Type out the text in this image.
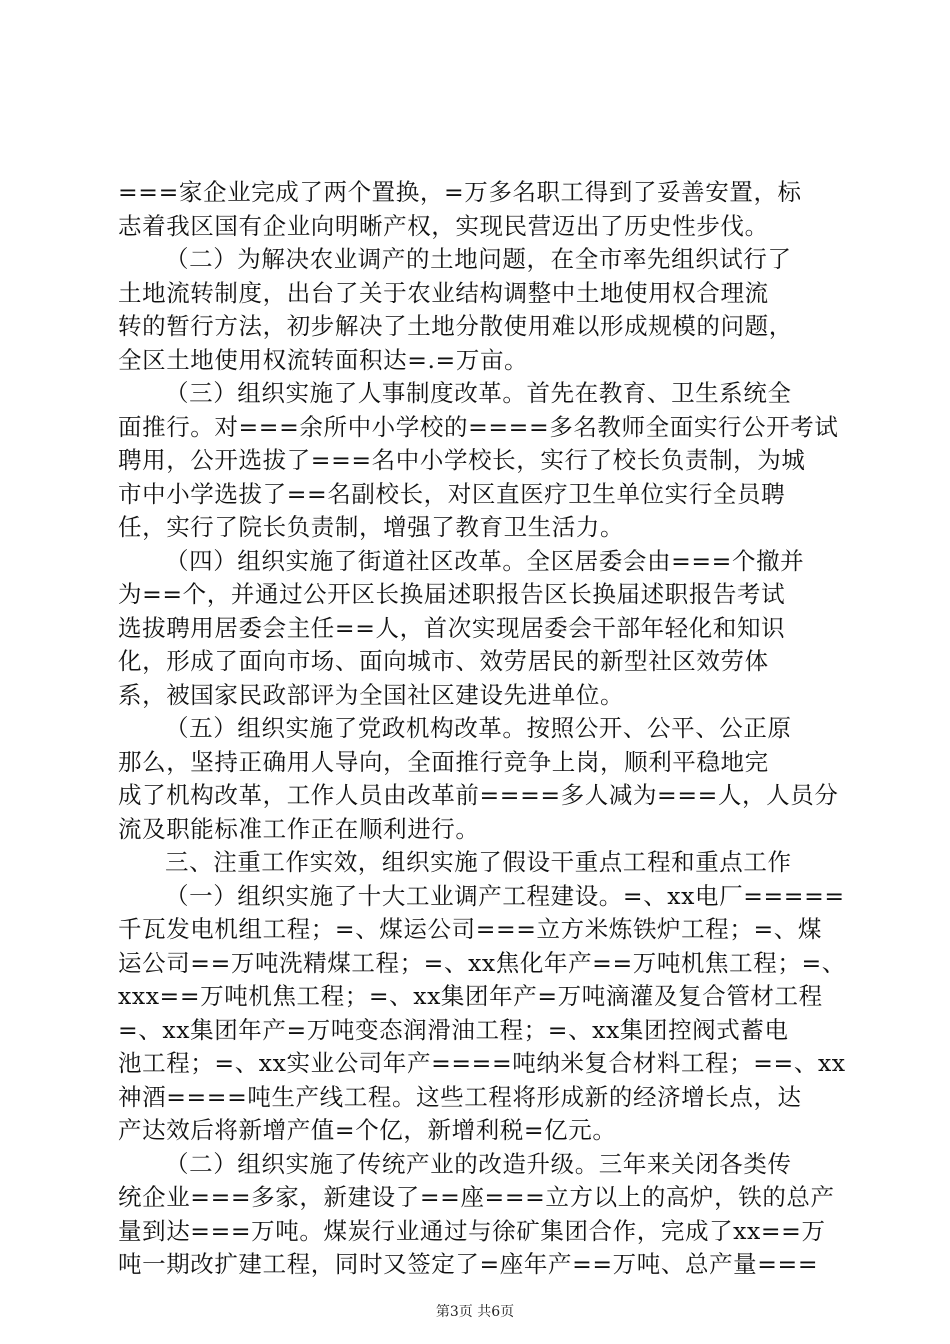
===家企业完成了两个置换，=万多名职工得到了妥善安置，标
志着我区国有企业向明晰产权，实现民营迈出了历史性步伐。
（二）为解决农业调产的土地问题，在全市率先组织试行了
土地流转制度，出台了关于农业结构调整中土地使用权合理流
转的暂行方法，初步解决了土地分散使用难以形成规模的问题，
全区土地使用权流转面积达=.=万亩。
（三）组织实施了人事制度改革。首先在教育、卫生系统全
面推行。对===余所中小学校的====多名教师全面实行公开考试
聘用，公开选拔了===名中小学校长，实行了校长负责制，为城
市中小学选拔了==名副校长，对区直医疗卫生单位实行全员聘
任，实行了院长负责制，增强了教育卫生活力。
（四）组织实施了街道社区改革。全区居委会由===个撤并
为==个，并通过公开区长换届述职报告区长换届述职报告考试
选拔聘用居委会主任==人，首次实现居委会干部年轻化和知识
化，形成了面向市场、面向城市、效劳居民的新型社区效劳体
系，被国家民政部评为全国社区建设先进单位。
（五）组织实施了党政机构改革。按照公开、公平、公正原
那么，坚持正确用人导向，全面推行竞争上岗，顺利平稳地完
成了机构改革，工作人员由改革前====多人减为===人，人员分
流及职能标准工作正在顺利进行。
三、注重工作实效，组织实施了假设干重点工程和重点工作
（一）组织实施了十大工业调产工程建设。=、xx电厂=====
千瓦发电机组工程；=、煤运公司===立方米炼铁炉工程；=、煤
运公司==万吨洗精煤工程；=、xx焦化年产==万吨机焦工程；=、
xxx==万吨机焦工程；=、xx集团年产=万吨滴灌及复合管材工程
=、xx集团年产=万吨变态润滑油工程；=、xx集团控阀式蓄电
池工程；=、xx实业公司年产====吨纳米复合材料工程；==、xx
神酒====吨生产线工程。这些工程将形成新的经济增长点，达
产达效后将新增产值=个亿，新增利税=亿元。
（二）组织实施了传统产业的改造升级。三年来关闭各类传
统企业===多家，新建设了==座===立方以上的高炉，铁的总产
量到达===万吨。煤炭行业通过与徐矿集团合作，完成了xx==万
吨一期改扩建工程，同时又签定了=座年产==万吨、总产量===
第3页 共6页
